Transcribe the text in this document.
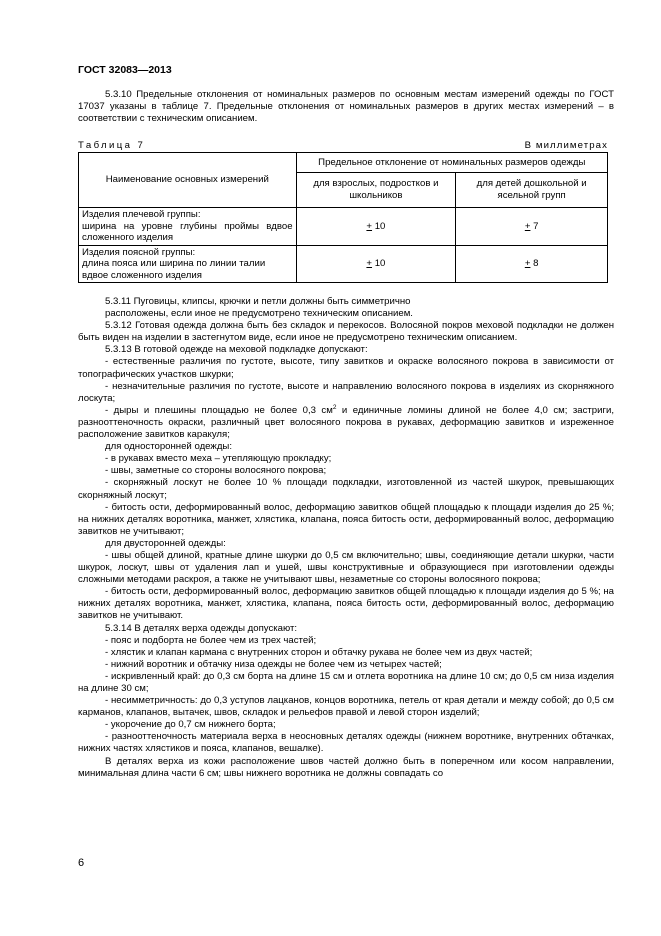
ГОСТ 32083—2013

5.3.10 Предельные отклонения от номинальных размеров по основным местам измерений одежды по ГОСТ 17037 указаны в таблице 7. Предельные отклонения от номинальных размеров в других местах измерений – в соответствии с техническим описанием.

Таблица 7	В миллиметрах
Наименование основных измерений	Предельное отклонение от номинальных размеров одежды	
	для взрослых, подростков и школьников	для детей дошкольной и ясельной групп

Изделия плечевой группы:
ширина на уровне глубины проймы вдвое сложенного изделия	+ 10	+ 7

Изделия поясной группы:
длина пояса или ширина по линии талии вдвое сложенного изделия	+ 10	+ 8

5.3.11 Пуговицы, клипсы, крючки и петли должны быть симметрично

расположены, если иное не предусмотрено техническим описанием.

5.3.12 Готовая одежда должна быть без складок и перекосов. Волосяной покров меховой подкладки не должен быть виден на изделии в застегнутом виде, если иное не предусмотрено техническим описанием.

5.3.13 В готовой одежде на меховой подкладке допускают:

- естественные различия по густоте, высоте, типу завитков и окраске волосяного покрова в зависимости от топографических участков шкурки;

- незначительные различия по густоте, высоте и направлению волосяного покрова в изделиях из скорняжного лоскута;

- дыры и плешины площадью не более 0,3 $см^2$ и единичные ломины длиной не более 4,0 см; застриги, разнооттеночность окраски, различный цвет волосяного покрова в рукавах, деформацию завитков и изреженное расположение завитков каракуля;

для односторонней одежды:

- в рукавах вместо меха – утепляющую прокладку;

- швы, заметные со стороны волосяного покрова;

- скорняжный лоскут не более 10 % площади подкладки, изготовленной из частей шкурок, превышающих скорняжный лоскут;

- битость ости, деформированный волос, деформацию завитков общей площадью к площади изделия до 25 %; на нижних деталях воротника, манжет, хлястика, клапана, пояса битость ости, деформированный волос, деформацию завитков не учитывают;

для двусторонней одежды:

- швы общей длиной, кратные длине шкурки до 0,5 см включительно; швы, соединяющие детали шкурки, части шкурок, лоскут, швы от удаления лап и ушей, швы конструктивные и образующиеся при изготовлении одежды сложными методами раскроя, а также не учитывают швы, незаметные со стороны волосяного покрова;

- битость ости, деформированный волос, деформацию завитков общей площадью к площади изделия до 5 %; на нижних деталях воротника, манжет, хлястика, клапана, пояса битость ости, деформированный волос, деформацию завитков не учитывают.

5.3.14 В деталях верха одежды допускают:

- пояс и подборта не более чем из трех частей;

- хлястик и клапан кармана с внутренних сторон и обтачку рукава не более чем из двух частей;

- нижний воротник и обтачку низа одежды не более чем из четырех частей;

- искривленный край: до 0,3 см борта на длине 15 см и отлета воротника на длине 10 см; до 0,5 см низа изделия на длине 30 см;

- несимметричность: до 0,3 уступов лацканов, концов воротника, петель от края детали и между собой; до 0,5 см карманов, клапанов, вытачек, швов, складок и рельефов правой и левой сторон изделий;

- укорочение до 0,7 см нижнего борта;

- разнооттеночность материала верха в неосновных деталях одежды (нижнем воротнике, внутренних обтачках, нижних частях хлястиков и пояса, клапанов, вешалке).

В деталях верха из кожи расположение швов частей должно быть в поперечном или косом направлении, минимальная длина части 6 см; швы нижнего воротника не должны совпадать со

6
